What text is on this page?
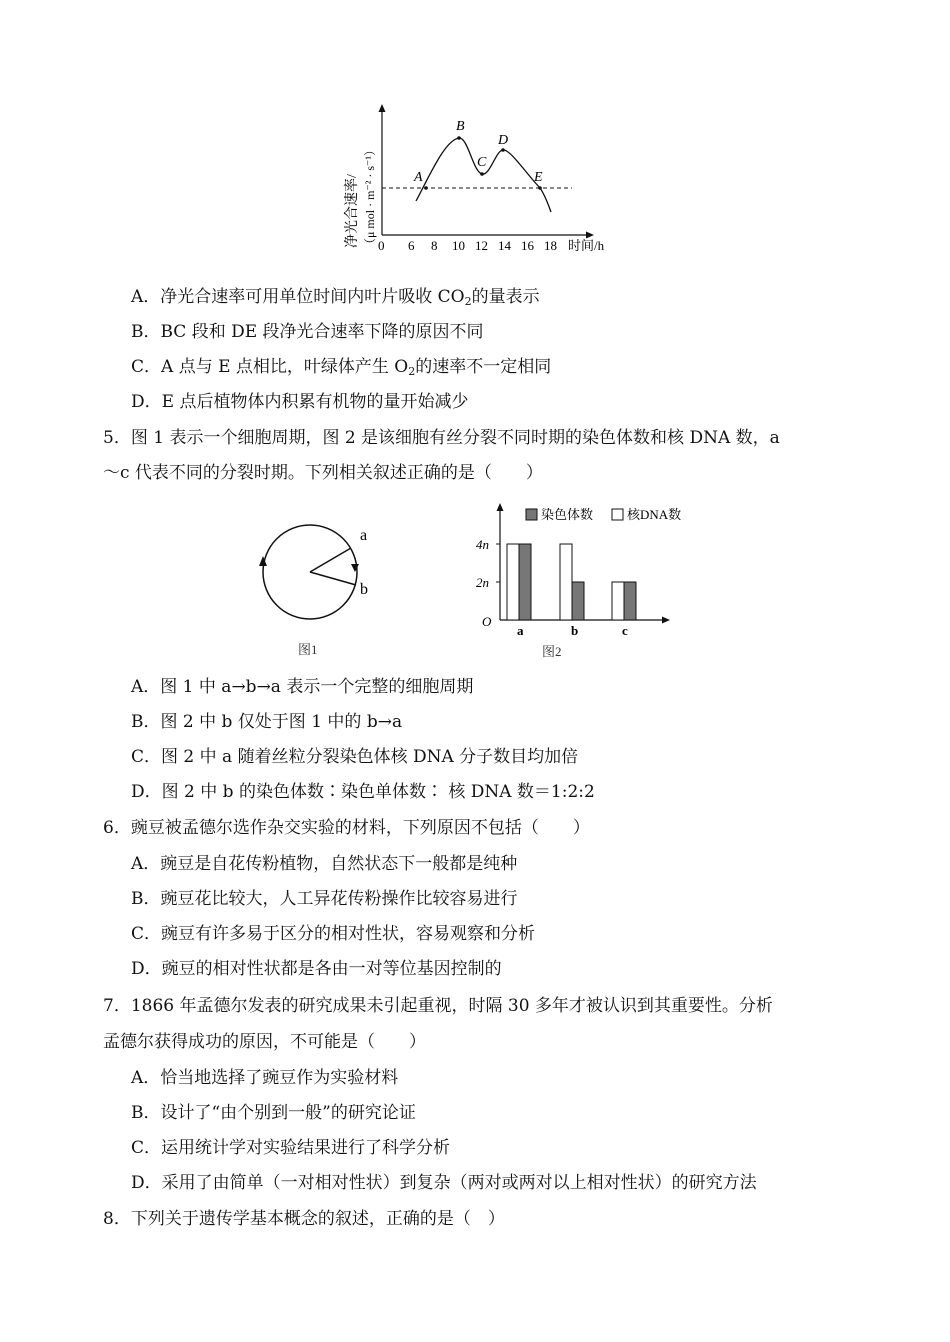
A
B
C
D
E
0 6 8 10 12 14 16 18 时间/h
净光合速率/ （μ mol · m⁻² · s⁻¹）
A．净光合速率可用单位时间内叶片吸收 $CO_2$的量表示
B．BC 段和 DE 段净光合速率下降的原因不同
C．A 点与 E 点相比，叶绿体产生 $O_2$的速率不一定相同
D．E 点后植物体内积累有机物的量开始减少
5．图 1 表示一个细胞周期，图 2 是该细胞有丝分裂不同时期的染色体数和核 DNA 数，a
～c 代表不同的分裂时期。下列相关叙述正确的是（　　）
a
b
图1
染色体数	核DNA数
2n
4n
O
a	b	c
图2
A．图 1 中 a→b→a 表示一个完整的细胞周期
B．图 2 中 b 仅处于图 1 中的 b→a
C．图 2 中 a 随着丝粒分裂染色体核 DNA 分子数目均加倍
D．图 2 中 b 的染色体数∶染色单体数∶ 核 DNA 数＝1:2:2
6．豌豆被孟德尔选作杂交实验的材料，下列原因不包括（　　）
A．豌豆是自花传粉植物，自然状态下一般都是纯种
B．豌豆花比较大，人工异花传粉操作比较容易进行
C．豌豆有许多易于区分的相对性状，容易观察和分析
D．豌豆的相对性状都是各由一对等位基因控制的
7．1866 年孟德尔发表的研究成果未引起重视，时隔 30 多年才被认识到其重要性。分析
孟德尔获得成功的原因，不可能是（　　）
A．恰当地选择了豌豆作为实验材料
B．设计了“由个别到一般”的研究论证
C．运用统计学对实验结果进行了科学分析
D．采用了由简单（一对相对性状）到复杂（两对或两对以上相对性状）的研究方法
8．下列关于遗传学基本概念的叙述，正确的是（　）
